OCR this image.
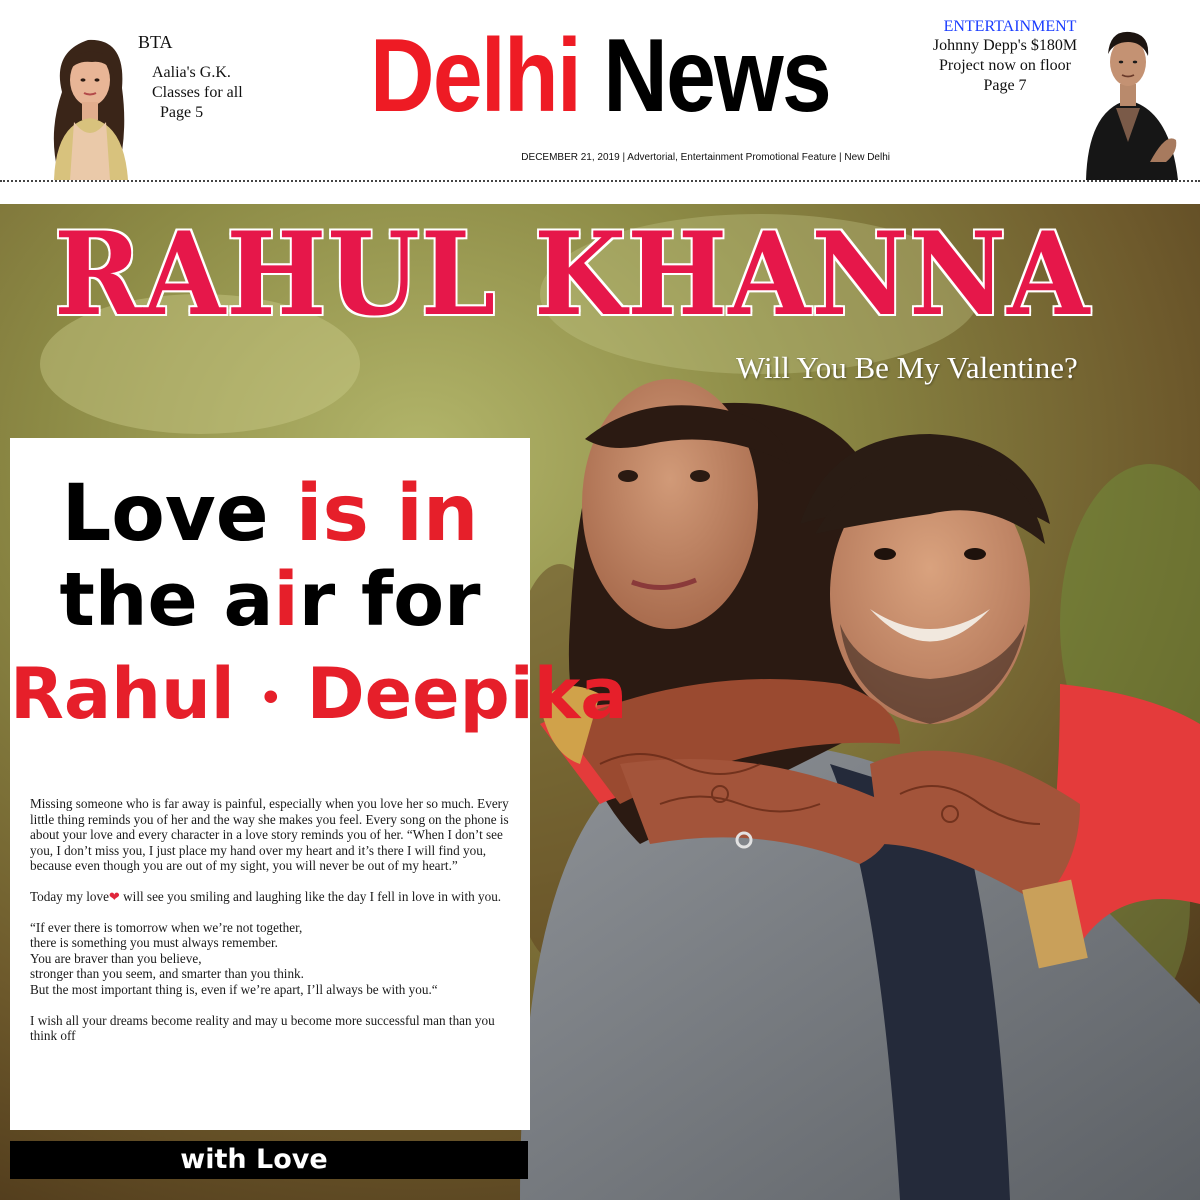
BTA
Aalia's G.K.
Classes for all
Page 5	Delhi News
DECEMBER 21, 2019 | Advertorial, Entertainment Promotional Feature | New Delhi
ENTERTAINMENT
Johnny Depp's $180M
Project now on floor
Page 7
RAHUL KHANNA
Will You Be My Valentine?
Love is in
the air for
Rahul • Deepika

Missing someone who is far away is painful, especially when you love her so much. Every little thing reminds you of her and the way she makes you feel. Every song on the phone is about your love and every character in a love story reminds you of her. “When I don’t see you, I don’t miss you, I just place my hand over my heart and it’s there I will find you, because even though you are out of my sight, you will never be out of my heart.”

Today my love❤ will see you smiling and laughing like the day I fell in love in with you.

“If ever there is tomorrow when we’re not together,
there is something you must always remember.
You are braver than you believe,
stronger than you seem, and smarter than you think.
But the most important thing is, even if we’re apart, I’ll always be with you.“

I wish all your dreams become reality and may u become more successful man than you think off

with Love
